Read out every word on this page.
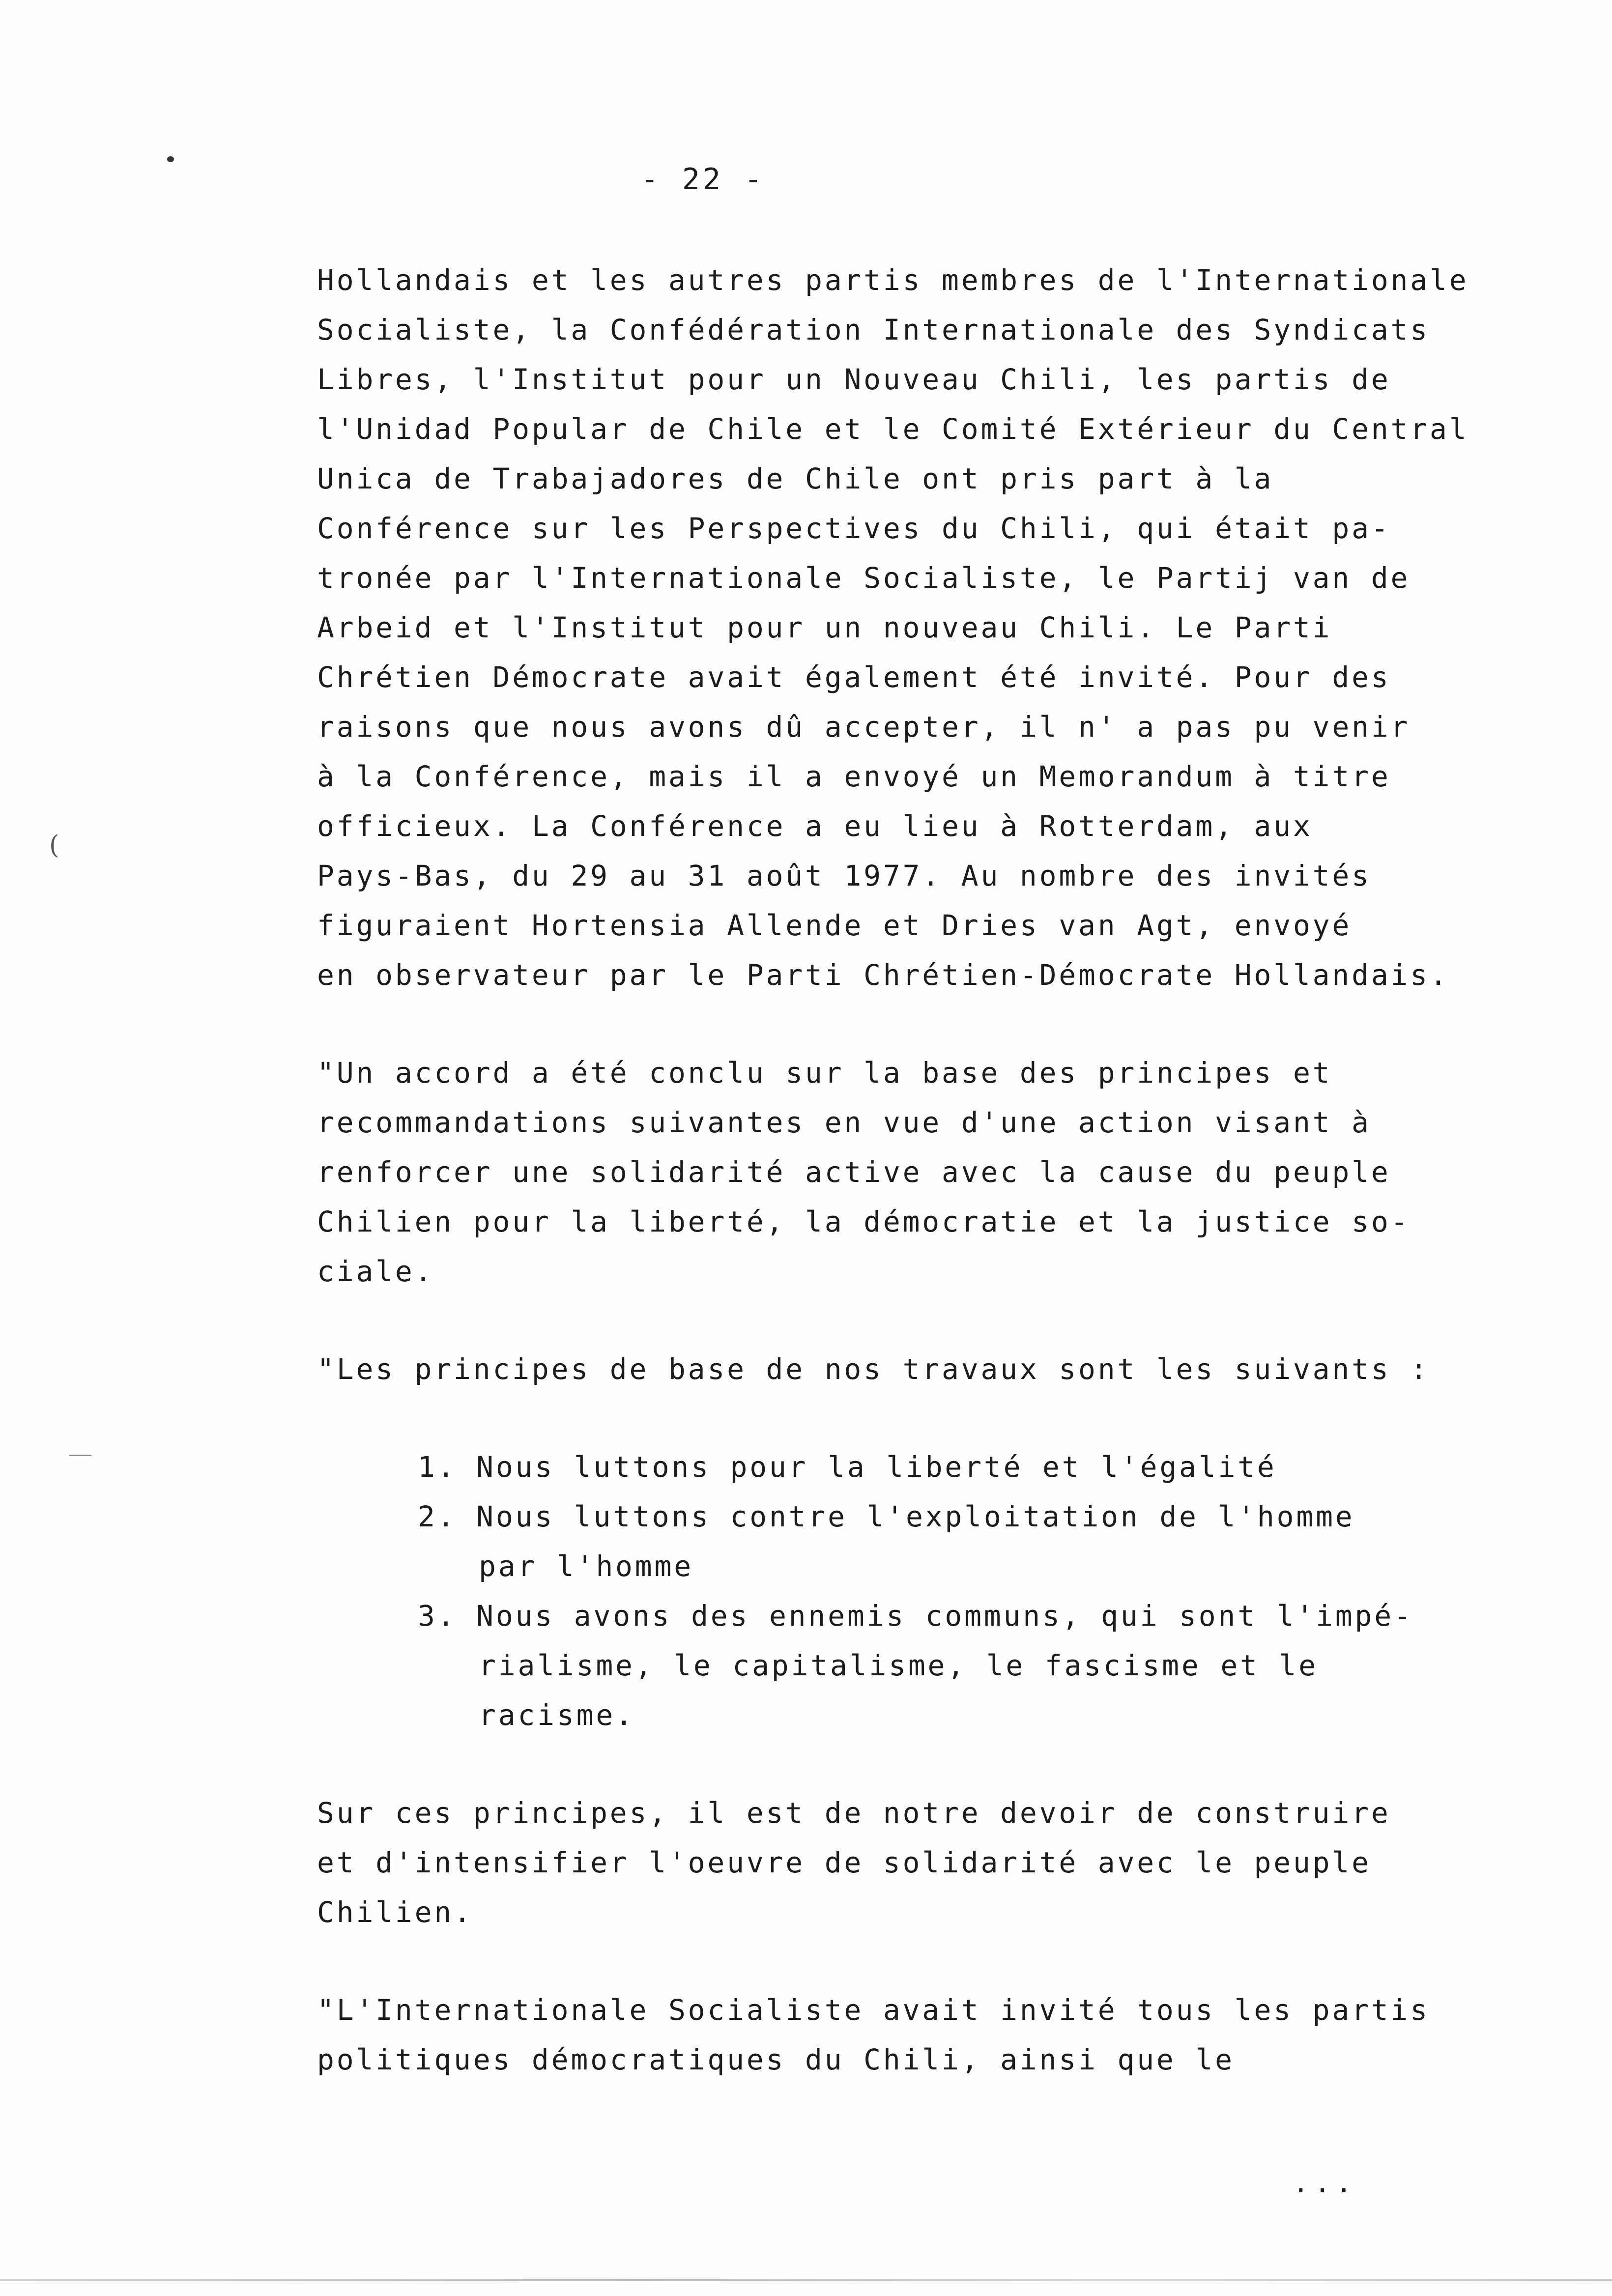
(
- 22 -
Hollandais et les autres partis membres de l'Internationale
Socialiste, la Confédération Internationale des Syndicats
Libres, l'Institut pour un Nouveau Chili, les partis de
l'Unidad Popular de Chile et le Comité Extérieur du Central
Unica de Trabajadores de Chile ont pris part à la
Conférence sur les Perspectives du Chili, qui était pa-
tronée par l'Internationale Socialiste, le Partij van de
Arbeid et l'Institut pour un nouveau Chili. Le Parti
Chrétien Démocrate avait également été invité. Pour des
raisons que nous avons dû accepter, il n' a pas pu venir
à la Conférence, mais il a envoyé un Memorandum à titre
officieux. La Conférence a eu lieu à Rotterdam, aux
Pays-Bas, du 29 au 31 août 1977. Au nombre des invités
figuraient Hortensia Allende et Dries van Agt, envoyé
en observateur par le Parti Chrétien-Démocrate Hollandais.
"Un accord a été conclu sur la base des principes et
recommandations suivantes en vue d'une action visant à
renforcer une solidarité active avec la cause du peuple
Chilien pour la liberté, la démocratie et la justice so-
ciale.
"Les principes de base de nos travaux sont les suivants :
1. Nous luttons pour la liberté et l'égalité
2. Nous luttons contre l'exploitation de l'homme
par l'homme
3. Nous avons des ennemis communs, qui sont l'impé-
rialisme, le capitalisme, le fascisme et le
racisme.
Sur ces principes, il est de notre devoir de construire
et d'intensifier l'oeuvre de solidarité avec le peuple
Chilien.
"L'Internationale Socialiste avait invité tous les partis
politiques démocratiques du Chili, ainsi que le
...
